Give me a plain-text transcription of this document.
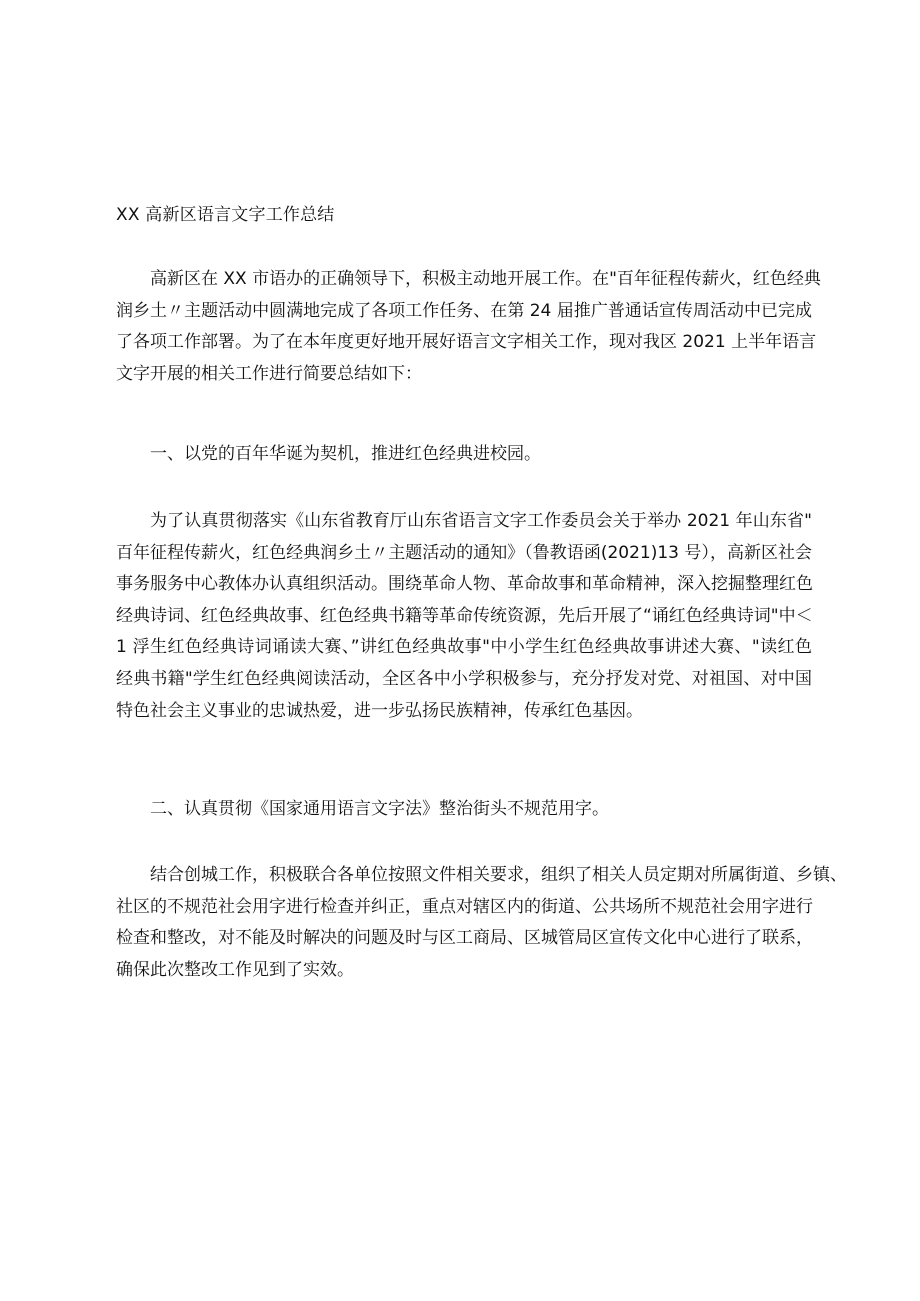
XX 高新区语言文字工作总结

高新区在 XX 市语办的正确领导下，积极主动地开展工作。在"百年征程传薪火，红色经典
润乡土〃主题活动中圆满地完成了各项工作任务、在第 24 届推广普通话宣传周活动中已完成
了各项工作部署。为了在本年度更好地开展好语言文字相关工作，现对我区 2021 上半年语言
文字开展的相关工作进行简要总结如下：

一、以党的百年华诞为契机，推进红色经典进校园。

为了认真贯彻落实《山东省教育厅山东省语言文字工作委员会关于举办 2021 年山东省"
百年征程传薪火，红色经典润乡土〃主题活动的通知》（鲁教语函(2021)13 号），高新区社会
事务服务中心教体办认真组织活动。围绕革命人物、革命故事和革命精神，深入挖掘整理红色
经典诗词、红色经典故事、红色经典书籍等革命传统资源，先后开展了“诵红色经典诗词"中＜
1 浮生红色经典诗词诵读大赛、”讲红色经典故事"中小学生红色经典故事讲述大赛、"读红色
经典书籍"学生红色经典阅读活动，全区各中小学积极参与，充分抒发对党、对祖国、对中国
特色社会主义事业的忠诚热爱，进一步弘扬民族精神，传承红色基因。

二、认真贯彻《国家通用语言文字法》整治街头不规范用字。

结合创城工作，积极联合各单位按照文件相关要求，组织了相关人员定期对所属街道、乡镇、
社区的不规范社会用字进行检查并纠正，重点对辖区内的街道、公共场所不规范社会用字进行
检查和整改，对不能及时解决的问题及时与区工商局、区城管局区宣传文化中心进行了联系，
确保此次整改工作见到了实效。
